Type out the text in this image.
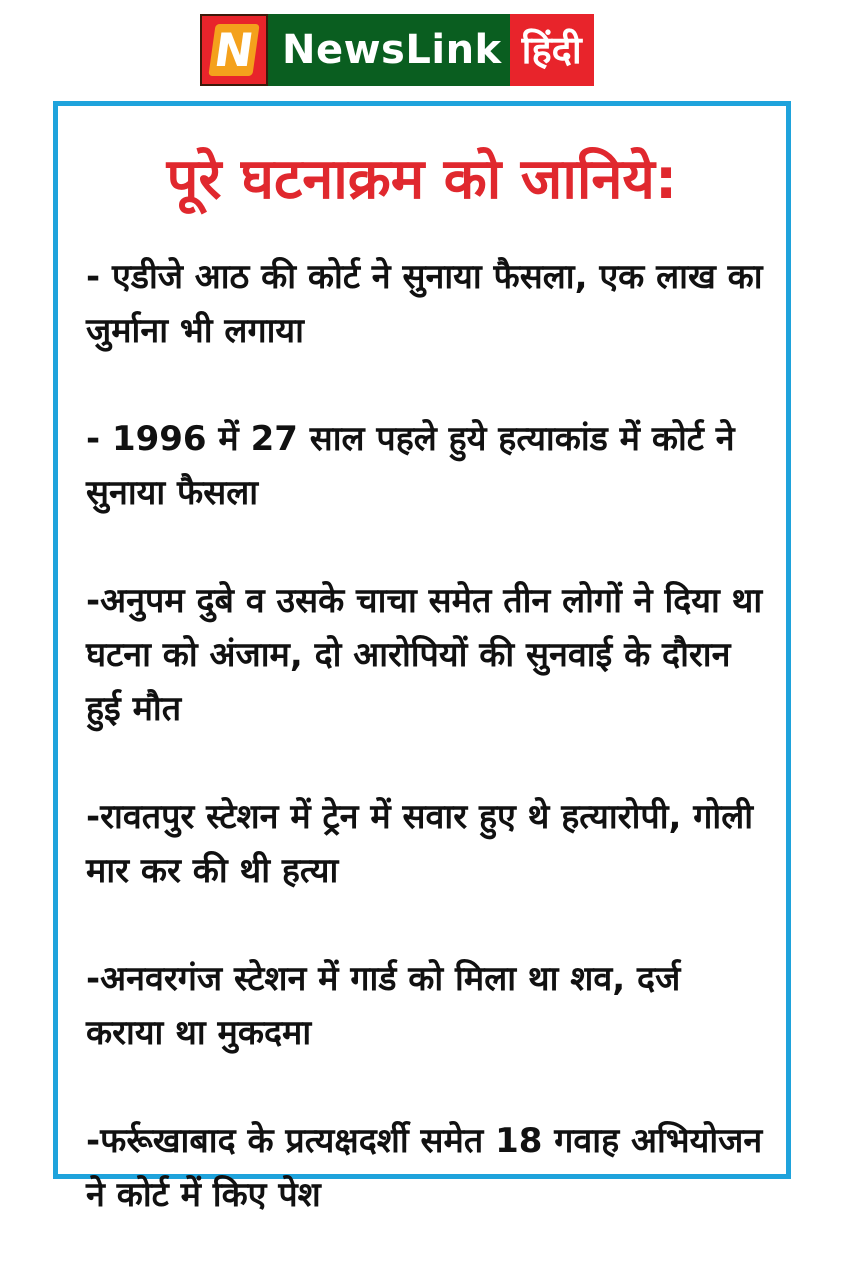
N NewsLink हिंदी
पूरे घटनाक्रम को जानिये:
- एडीजे आठ की कोर्ट ने सुनाया फैसला, एक लाख का जुर्माना भी लगाया
- 1996 में 27 साल पहले हुये हत्याकांड में कोर्ट ने सुनाया फैसला
-अनुपम दुबे व उसके चाचा समेत तीन लोगों ने दिया था घटना को अंजाम, दो आरोपियों की सुनवाई के दौरान हुई मौत
-रावतपुर स्टेशन में ट्रेन में सवार हुए थे हत्यारोपी, गोली मार कर की थी हत्या
-अनवरगंज स्टेशन में गार्ड को मिला था शव, दर्ज कराया था मुकदमा
-फर्रूखाबाद के प्रत्यक्षदर्शी समेत 18 गवाह अभियोजन ने कोर्ट में किए पेश
